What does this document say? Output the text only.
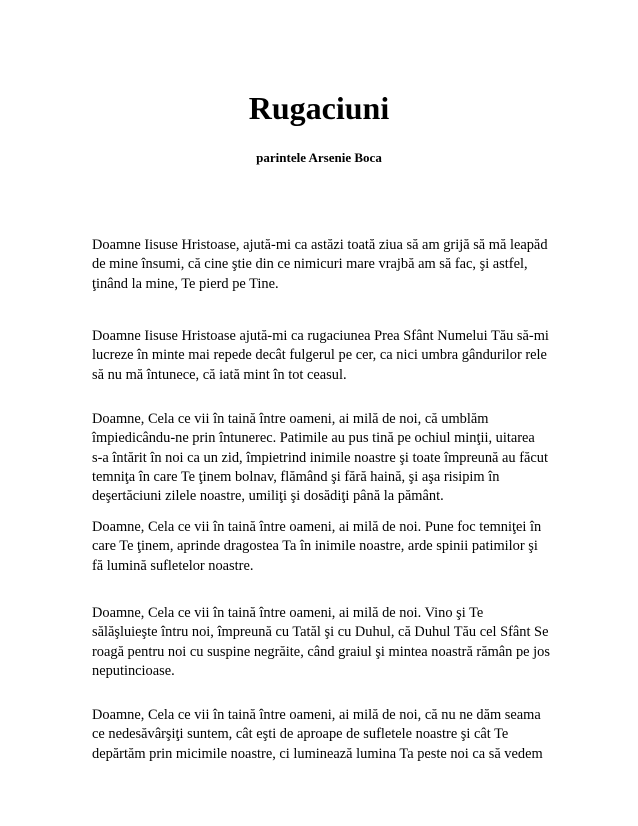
Rugaciuni
parintele Arsenie Boca

Doamne Iisuse Hristoase, ajută-mi ca astăzi toată ziua să am grijă să mă leapăd
de mine însumi, că cine ştie din ce nimicuri mare vrajbă am să fac, şi astfel,
ţinând la mine, Te pierd pe Tine.

Doamne Iisuse Hristoase ajută-mi ca rugaciunea Prea Sfânt Numelui Tău să-mi
lucreze în minte mai repede decât fulgerul pe cer, ca nici umbra gândurilor rele
să nu mă întunece, că iată mint în tot ceasul.

Doamne, Cela ce vii în taină între oameni, ai milă de noi, că umblăm
împiedicându-ne prin întunerec. Patimile au pus tină pe ochiul minţii, uitarea
s-a întărit în noi ca un zid, împietrind inimile noastre şi toate împreună au făcut
temniţa în care Te ţinem bolnav, flămând şi fără haină, şi aşa risipim în
deşertăciuni zilele noastre, umiliţi şi dosădiţi până la pământ.

Doamne, Cela ce vii în taină între oameni, ai milă de noi. Pune foc temniţei în
care Te ţinem, aprinde dragostea Ta în inimile noastre, arde spinii patimilor şi
fă lumină sufletelor noastre.

Doamne, Cela ce vii în taină între oameni, ai milă de noi. Vino şi Te
sălăşluieşte întru noi, împreună cu Tatăl şi cu Duhul, că Duhul Tău cel Sfânt Se
roagă pentru noi cu suspine negrăite, când graiul şi mintea noastră rămân pe jos
neputincioase.

Doamne, Cela ce vii în taină între oameni, ai milă de noi, că nu ne dăm seama
ce nedesăvârşiţi suntem, cât eşti de aproape de sufletele noastre şi cât Te
depărtăm prin micimile noastre, ci luminează lumina Ta peste noi ca să vedem
